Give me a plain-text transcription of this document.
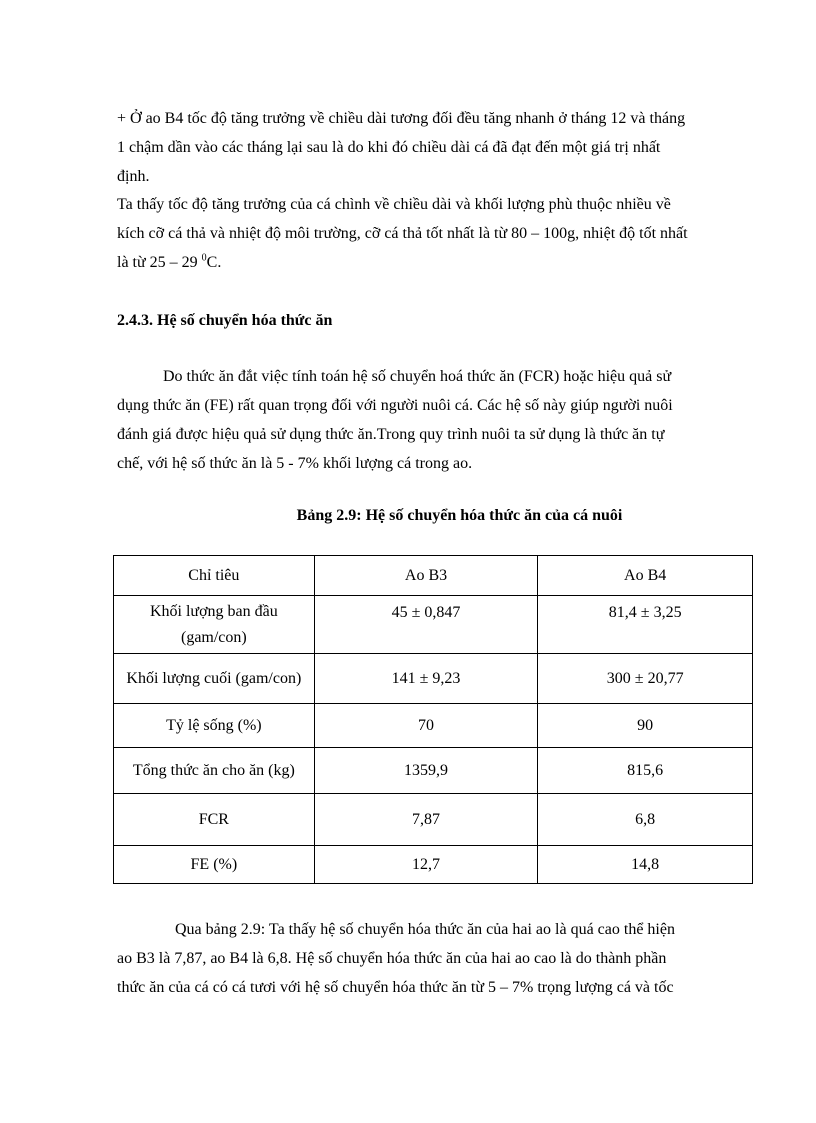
+ Ở ao B4 tốc độ tăng trưởng về chiều dài tương đối đều tăng nhanh ở tháng 12 và tháng
1 chậm dần vào các tháng lại sau là do khi đó chiều dài cá đã đạt đến một giá trị nhất
định.

Ta thấy tốc độ tăng trưởng của cá chình về chiều dài và khối lượng phù thuộc nhiều về
kích cỡ cá thả và nhiệt độ môi trường, cỡ cá thả tốt nhất là từ 80 – 100g, nhiệt độ tốt nhất
là từ 25 – 29 $^0$C.

2.4.3. Hệ số chuyển hóa thức ăn

Do thức ăn đắt việc tính toán hệ số chuyển hoá thức ăn (FCR) hoặc hiệu quả sử
dụng thức ăn (FE) rất quan trọng đối với người nuôi cá. Các hệ số này giúp người nuôi
đánh giá được hiệu quả sử dụng thức ăn.Trong quy trình nuôi ta sử dụng là thức ăn tự
chế, với hệ số thức ăn là 5 - 7% khối lượng cá trong ao.

Bảng 2.9: Hệ số chuyển hóa thức ăn của cá nuôi

Chỉ tiêu	Ao B3	Ao B4
Khối lượng ban đầu (gam/con)	45 ± 0,847	81,4 ± 3,25
Khối lượng cuối (gam/con)	141 ± 9,23	300 ± 20,77
Tỷ lệ sống (%)	70	90
Tổng thức ăn cho ăn (kg)	1359,9	815,6
FCR	7,87	6,8
FE (%)	12,7	14,8

Qua bảng 2.9: Ta thấy hệ số chuyển hóa thức ăn của hai ao là quá cao thể hiện
ao B3 là 7,87, ao B4 là 6,8. Hệ số chuyển hóa thức ăn của hai ao cao là do thành phần
thức ăn của cá có cá tươi với hệ số chuyển hóa thức ăn từ 5 – 7% trọng lượng cá và tốc
